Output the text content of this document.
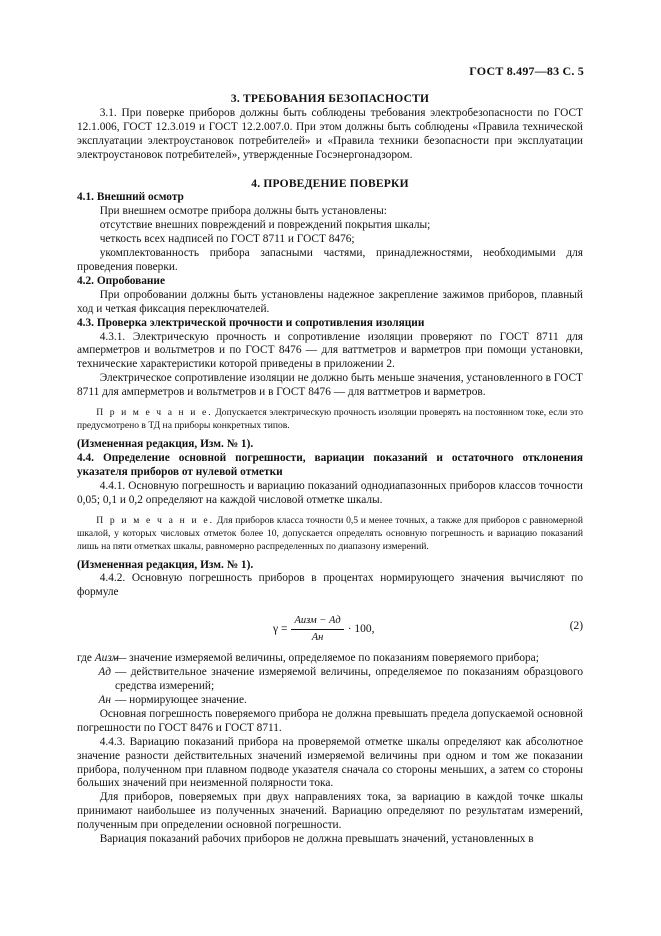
ГОСТ 8.497—83 С. 5

3. ТРЕБОВАНИЯ БЕЗОПАСНОСТИ

3.1. При поверке приборов должны быть соблюдены требования электробезопасности по ГОСТ 12.1.006, ГОСТ 12.3.019 и ГОСТ 12.2.007.0. При этом должны быть соблюдены «Правила технической эксплуатации электроустановок потребителей» и «Правила техники безопасности при эксплуатации электроустановок потребителей», утвержденные Госэнергонадзором.

4. ПРОВЕДЕНИЕ ПОВЕРКИ

4.1. Внешний осмотр

При внешнем осмотре прибора должны быть установлены:

отсутствие внешних повреждений и повреждений покрытия шкалы;

четкость всех надписей по ГОСТ 8711 и ГОСТ 8476;

укомплектованность прибора запасными частями, принадлежностями, необходимыми для проведения поверки.

4.2. Опробование

При опробовании должны быть установлены надежное закрепление зажимов приборов, плавный ход и четкая фиксация переключателей.

4.3. Проверка электрической прочности и сопротивления изоляции

4.3.1. Электрическую прочность и сопротивление изоляции проверяют по ГОСТ 8711 для амперметров и вольтметров и по ГОСТ 8476 — для ваттметров и варметров при помощи установки, технические характеристики которой приведены в приложении 2.

Электрическое сопротивление изоляции не должно быть меньше значения, установленного в ГОСТ 8711 для амперметров и вольтметров и в ГОСТ 8476 — для ваттметров и варметров.

П р и м е ч а н и е. Допускается электрическую прочность изоляции проверять на постоянном токе, если это предусмотрено в ТД на приборы конкретных типов.

(Измененная редакция, Изм. № 1).

4.4. Определение основной погрешности, вариации показаний и остаточного отклонения указателя приборов от нулевой отметки

4.4.1. Основную погрешность и вариацию показаний однодиапазонных приборов классов точности 0,05; 0,1 и 0,2 определяют на каждой числовой отметке шкалы.

П р и м е ч а н и е. Для приборов класса точности 0,5 и менее точных, а также для приборов с равномерной шкалой, у которых числовых отметок более 10, допускается определять основную погрешность и вариацию показаний лишь на пяти отметках шкалы, равномерно распределенных по диапазону измерений.

(Измененная редакция, Изм. № 1).

4.4.2. Основную погрешность приборов в процентах нормирующего значения вычисляют по формуле

$\gamma = \frac{\text{Aизм − Aд}}{Aн} \cdot 100$,	(2)
где Aизм
— значение измеряемой величины, определяемое по показаниям поверяемого прибора;
Aд — действительное значение измеряемой величины, определяемое по показаниям образцового средства измерений;
Aн — нормирующее значение.

Основная погрешность поверяемого прибора не должна превышать предела допускаемой основной погрешности по ГОСТ 8476 и ГОСТ 8711.

4.4.3. Вариацию показаний прибора на проверяемой отметке шкалы определяют как абсолютное значение разности действительных значений измеряемой величины при одном и том же показании прибора, полученном при плавном подводе указателя сначала со стороны меньших, а затем со стороны больших значений при неизменной полярности тока.

Для приборов, поверяемых при двух направлениях тока, за вариацию в каждой точке шкалы принимают наибольшее из полученных значений. Вариацию определяют по результатам измерений, полученным при определении основной погрешности.

Вариация показаний рабочих приборов не должна превышать значений, установленных в
